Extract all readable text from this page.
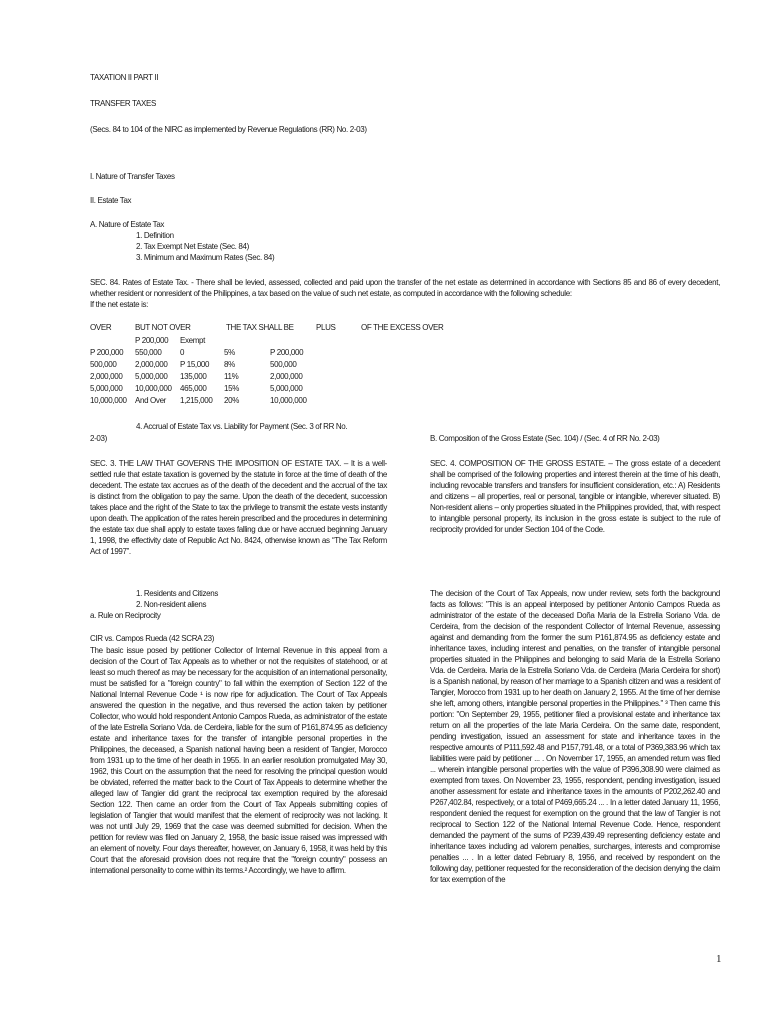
TAXATION II PART II
TRANSFER TAXES
(Secs. 84 to 104 of the NIRC as implemented by Revenue Regulations (RR) No. 2-03)
I. Nature of Transfer Taxes
II. Estate Tax
A. Nature of Estate Tax
1. Definition
2. Tax Exempt Net Estate (Sec. 84)
3. Minimum and Maximum Rates (Sec. 84)

SEC. 84. Rates of Estate Tax. - There shall be levied, assessed, collected and paid upon the transfer of the net estate as determined in accordance with Sections 85 and 86 of every decedent, whether resident or nonresident of the Philippines, a tax based on the value of such net estate, as computed in accordance with the following schedule:

If the net estate is:

OVER	BUT NOT OVER	THE TAX SHALL BE	PLUS	OF THE EXCESS OVER
	P 200,000	Exempt		
P 200,000	550,000	0	5%	P 200,000
500,000	2,000,000	P 15,000	8%	500,000
2,000,000	5,000,000	135,000	11%	2,000,000
5,000,000	10,000,000	465,000	15%	5,000,000
10,000,000	And Over	1,215,000	20%	10,000,000
4. Accrual of Estate Tax vs. Liability for Payment (Sec. 3 of RR No.
2-03)	B. Composition of the Gross Estate (Sec. 104) / (Sec. 4 of RR No. 2-03)
SEC. 3. THE LAW THAT GOVERNS THE IMPOSITION OF ESTATE TAX. – It is a well-settled rule that estate taxation is governed by the statute in force at the time of death of the decedent. The estate tax accrues as of the death of the decedent and the accrual of the tax is distinct from the obligation to pay the same. Upon the death of the decedent, succession takes place and the right of the State to tax the privilege to transmit the estate vests instantly upon death. The application of the rates herein prescribed and the procedures in determining the estate tax due shall apply to estate taxes falling due or have accrued beginning January 1, 1998, the effectivity date of Republic Act No. 8424, otherwise known as “The Tax Reform Act of 1997”.
SEC. 4. COMPOSITION OF THE GROSS ESTATE. – The gross estate of a decedent shall be comprised of the following properties and interest therein at the time of his death, including revocable transfers and transfers for insufficient consideration, etc.: A) Residents and citizens – all properties, real or personal, tangible or intangible, wherever situated. B) Non-resident aliens – only properties situated in the Philippines provided, that, with respect to intangible personal property, its inclusion in the gross estate is subject to the rule of reciprocity provided for under Section 104 of the Code.
1. Residents and Citizens
2. Non-resident aliens
a. Rule on Reciprocity
CIR vs. Campos Rueda (42 SCRA 23)
The basic issue posed by petitioner Collector of Internal Revenue in this appeal from a decision of the Court of Tax Appeals as to whether or not the requisites of statehood, or at least so much thereof as may be necessary for the acquisition of an international personality, must be satisfied for a "foreign country" to fall within the exemption of Section 122 of the National Internal Revenue Code ¹ is now ripe for adjudication. The Court of Tax Appeals answered the question in the negative, and thus reversed the action taken by petitioner Collector, who would hold respondent Antonio Campos Rueda, as administrator of the estate of the late Estrella Soriano Vda. de Cerdeira, liable for the sum of P161,874.95 as deficiency estate and inheritance taxes for the transfer of intangible personal properties in the Philippines, the deceased, a Spanish national having been a resident of Tangier, Morocco from 1931 up to the time of her death in 1955. In an earlier resolution promulgated May 30, 1962, this Court on the assumption that the need for resolving the principal question would be obviated, referred the matter back to the Court of Tax Appeals to determine whether the alleged law of Tangier did grant the reciprocal tax exemption required by the aforesaid Section 122. Then came an order from the Court of Tax Appeals submitting copies of legislation of Tangier that would manifest that the element of reciprocity was not lacking. It was not until July 29, 1969 that the case was deemed submitted for decision. When the petition for review was filed on January 2, 1958, the basic issue raised was impressed with an element of novelty. Four days thereafter, however, on January 6, 1958, it was held by this Court that the aforesaid provision does not require that the "foreign country" possess an international personality to come within its terms.² Accordingly, we have to affirm.
The decision of the Court of Tax Appeals, now under review, sets forth the background facts as follows: "This is an appeal interposed by petitioner Antonio Campos Rueda as administrator of the estate of the deceased Doña Maria de la Estrella Soriano Vda. de Cerdeira, from the decision of the respondent Collector of Internal Revenue, assessing against and demanding from the former the sum P161,874.95 as deficiency estate and inheritance taxes, including interest and penalties, on the transfer of intangible personal properties situated in the Philippines and belonging to said Maria de la Estrella Soriano Vda. de Cerdeira. Maria de la Estrella Soriano Vda. de Cerdeira (Maria Cerdeira for short) is a Spanish national, by reason of her marriage to a Spanish citizen and was a resident of Tangier, Morocco from 1931 up to her death on January 2, 1955. At the time of her demise she left, among others, intangible personal properties in the Philippines." ³ Then came this portion: "On September 29, 1955, petitioner filed a provisional estate and inheritance tax return on all the properties of the late Maria Cerdeira. On the same date, respondent, pending investigation, issued an assessment for state and inheritance taxes in the respective amounts of P111,592.48 and P157,791.48, or a total of P369,383.96 which tax liabilities were paid by petitioner ... . On November 17, 1955, an amended return was filed ... wherein intangible personal properties with the value of P396,308.90 were claimed as exempted from taxes. On November 23, 1955, respondent, pending investigation, issued another assessment for estate and inheritance taxes in the amounts of P202,262.40 and P267,402.84, respectively, or a total of P469,665.24 ... . In a letter dated January 11, 1956, respondent denied the request for exemption on the ground that the law of Tangier is not reciprocal to Section 122 of the National Internal Revenue Code. Hence, respondent demanded the payment of the sums of P239,439.49 representing deficiency estate and inheritance taxes including ad valorem penalties, surcharges, interests and compromise penalties ... . In a letter dated February 8, 1956, and received by respondent on the following day, petitioner requested for the reconsideration of the decision denying the claim for tax exemption of the
1
